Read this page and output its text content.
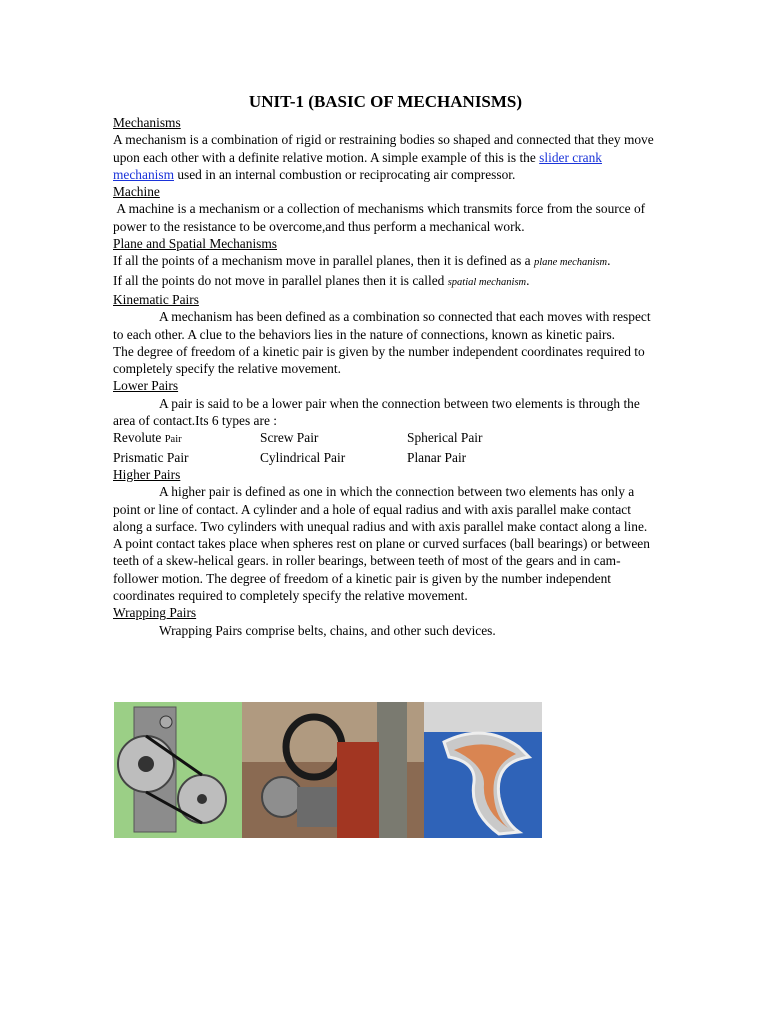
UNIT-1 (BASIC OF MECHANISMS)

Mechanisms

A mechanism is a combination of rigid or restraining bodies so shaped and connected that they move upon each other with a definite relative motion. A simple example of this is the slider crank mechanism used in an internal combustion or reciprocating air compressor.

Machine

A machine is a mechanism or a collection of mechanisms which transmits force from the source of power to the resistance to be overcome,and thus perform a mechanical work.

Plane and Spatial Mechanisms

If all the points of a mechanism move in parallel planes, then it is defined as a plane mechanism.

If all the points do not move in parallel planes then it is called spatial mechanism.

Kinematic Pairs

A mechanism has been defined as a combination so connected that each moves with respect to each other. A clue to the behaviors lies in the nature of connections, known as kinetic pairs.

The degree of freedom of a kinetic pair is given by the number independent coordinates required to completely specify the relative movement.

Lower Pairs

A pair is said to be a lower pair when the connection between two elements is through the area of contact.Its 6 types are :

Revolute Pair	Screw Pair	Spherical Pair
Prismatic Pair	Cylindrical Pair	Planar Pair

Higher Pairs

A higher pair is defined as one in which the connection between two elements has only a point or line of contact. A cylinder and a hole of equal radius and with axis parallel make contact along a surface. Two cylinders with unequal radius and with axis parallel make contact along a line. A point contact takes place when spheres rest on plane or curved surfaces (ball bearings) or between teeth of a skew-helical gears. in roller bearings, between teeth of most of the gears and in cam-follower motion. The degree of freedom of a kinetic pair is given by the number independent coordinates required to completely specify the relative movement.

Wrapping Pairs

Wrapping Pairs comprise belts, chains, and other such devices.
